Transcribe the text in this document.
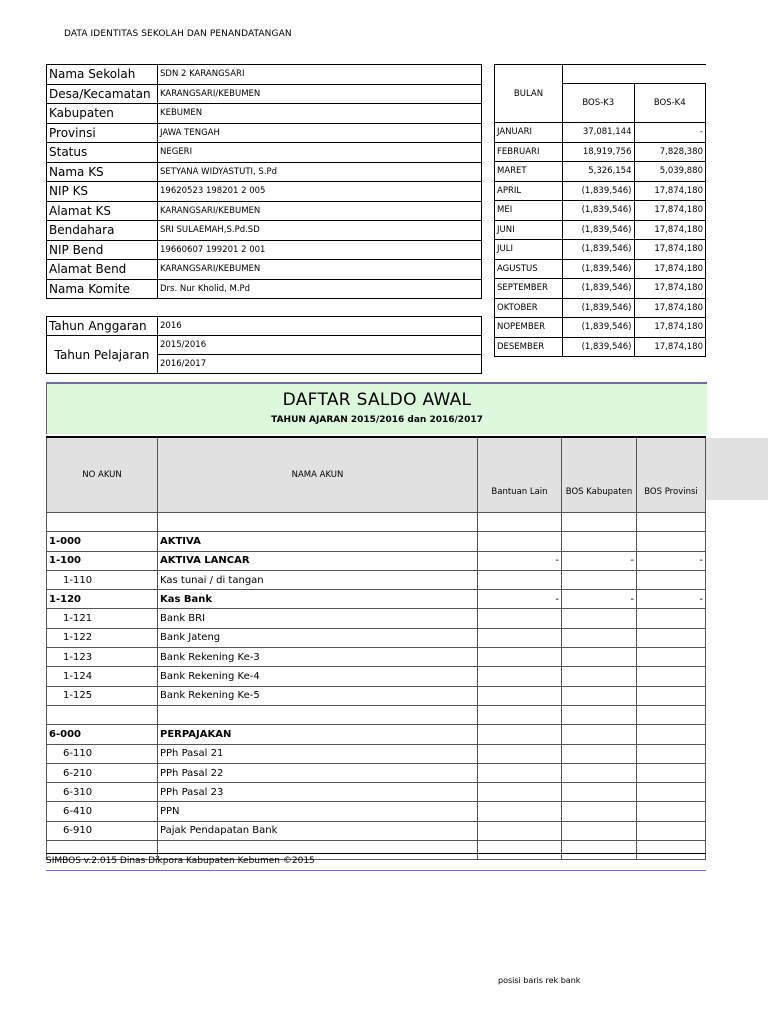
DATA IDENTITAS SEKOLAH DAN PENANDATANGAN
Nama Sekolah	SDN 2 KARANGSARI
Desa/Kecamatan	KARANGSARI/KEBUMEN
Kabupaten	KEBUMEN
Provinsi	JAWA TENGAH
Status	NEGERI
Nama KS	SETYANA WIDYASTUTI, S.Pd
NIP KS	19620523 198201 2 005
Alamat KS	KARANGSARI/KEBUMEN
Bendahara	SRI SULAEMAH,S.Pd.SD
NIP Bend	19660607 199201 2 001
Alamat Bend	KARANGSARI/KEBUMEN
Nama Komite	Drs. Nur Kholid, M.Pd
Tahun Anggaran	2016
Tahun Pelajaran	2015/2016
	2016/2017
BULAN		
	BOS-K3	BOS-K4
JANUARI	37,081,144	-
FEBRUARI	18,919,756	7,828,380
MARET	5,326,154	5,039,880
APRIL	(1,839,546)	17,874,180
MEI	(1,839,546)	17,874,180
JUNI	(1,839,546)	17,874,180
JULI	(1,839,546)	17,874,180
AGUSTUS	(1,839,546)	17,874,180
SEPTEMBER	(1,839,546)	17,874,180
OKTOBER	(1,839,546)	17,874,180
NOPEMBER	(1,839,546)	17,874,180
DESEMBER	(1,839,546)	17,874,180
DAFTAR SALDO AWAL
TAHUN AJARAN 2015/2016 dan 2016/2017
NO AKUN	NAMA AKUN	Bantuan Lain	BOS Kabupaten	BOS Provinsi

1-000	AKTIVA			
1-100	AKTIVA LANCAR	-	-	-
1-110	Kas tunai / di tangan			
1-120	Kas Bank	-	-	-
1-121	Bank BRI			
1-122	Bank Jateng			
1-123	Bank Rekening Ke-3			
1-124	Bank Rekening Ke-4			
1-125	Bank Rekening Ke-5			

6-000	PERPAJAKAN			
6-110	PPh Pasal 21			
6-210	PPh Pasal 22			
6-310	PPh Pasal 23			
6-410	PPN			
6-910	Pajak Pendapatan Bank			

SIMBOS v.2.015 Dinas Dikpora Kabupaten Kebumen ©2015
posisi baris rek bank
